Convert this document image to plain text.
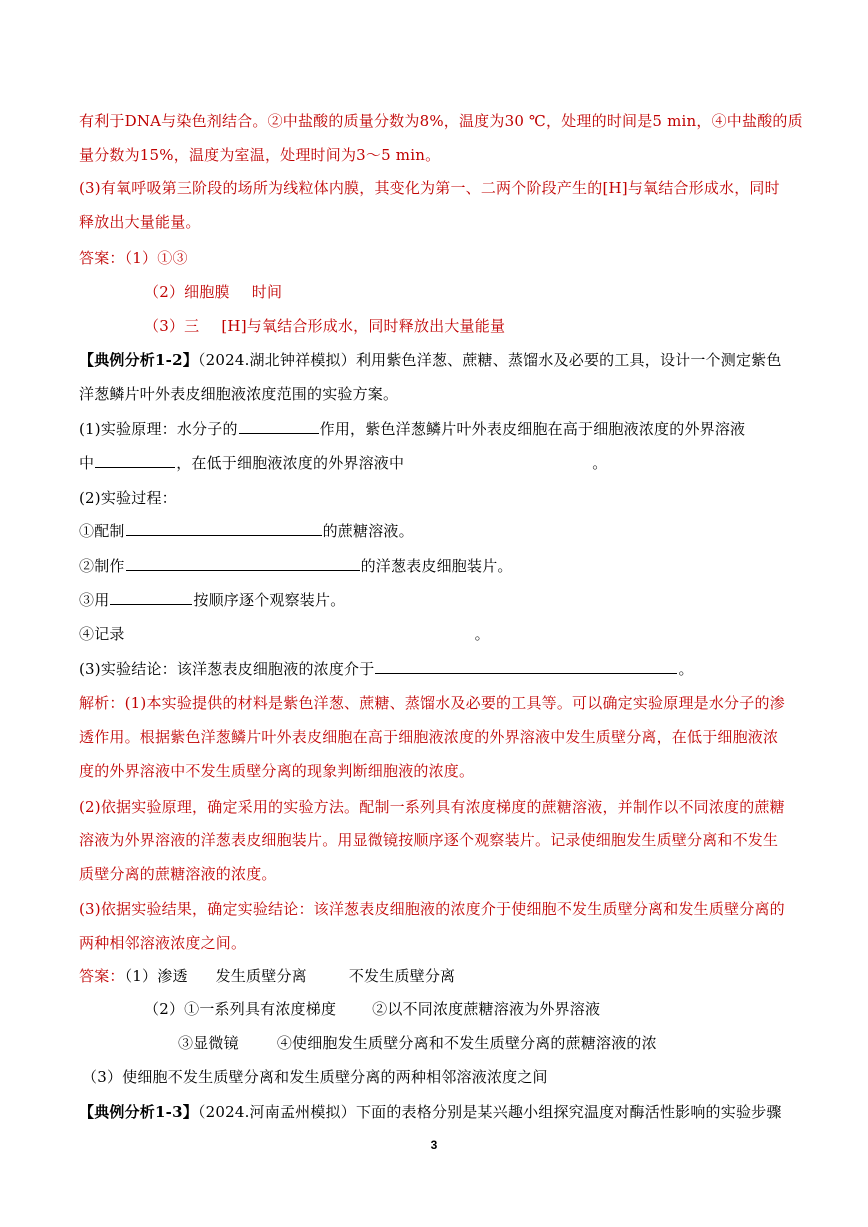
有利于DNA与染色剂结合。②中盐酸的质量分数为8%，温度为30 ℃，处理的时间是5 min，④中盐酸的质
量分数为15%，温度为室温，处理时间为3～5 min。
(3)有氧呼吸第三阶段的场所为线粒体内膜，其变化为第一、二两个阶段产生的[H]与氧结合形成水，同时
释放出大量能量。
答案：（1）①③
（2）细胞膜 时间
（3）三 [H]与氧结合形成水，同时释放出大量能量
【典例分析1-2】（2024.湖北钟祥模拟）利用紫色洋葱、蔗糖、蒸馏水及必要的工具，设计一个测定紫色
洋葱鳞片叶外表皮细胞液浓度范围的实验方案。
(1)实验原理：水分子的	作用，紫色洋葱鳞片叶外表皮细胞在高于细胞液浓度的外界溶液
中	，在低于细胞液浓度的外界溶液中	。
(2)实验过程：
①配制	的蔗糖溶液。
②制作	的洋葱表皮细胞装片。
③用	按顺序逐个观察装片。
④记录	。
(3)实验结论：该洋葱表皮细胞液的浓度介于	。
解析：(1)本实验提供的材料是紫色洋葱、蔗糖、蒸馏水及必要的工具等。可以确定实验原理是水分子的渗
透作用。根据紫色洋葱鳞片叶外表皮细胞在高于细胞液浓度的外界溶液中发生质壁分离，在低于细胞液浓
度的外界溶液中不发生质壁分离的现象判断细胞液的浓度。
(2)依据实验原理，确定采用的实验方法。配制一系列具有浓度梯度的蔗糖溶液，并制作以不同浓度的蔗糖
溶液为外界溶液的洋葱表皮细胞装片。用显微镜按顺序逐个观察装片。记录使细胞发生质壁分离和不发生
质壁分离的蔗糖溶液的浓度。
(3)依据实验结果，确定实验结论：该洋葱表皮细胞液的浓度介于使细胞不发生质壁分离和发生质壁分离的
两种相邻溶液浓度之间。
答案：（1）渗透 发生质壁分离	不发生质壁分离
（2）①一系列具有浓度梯度 ②以不同浓度蔗糖溶液为外界溶液
③显微镜	④使细胞发生质壁分离和不发生质壁分离的蔗糖溶液的浓
（3）使细胞不发生质壁分离和发生质壁分离的两种相邻溶液浓度之间
【典例分析1-3】（2024.河南孟州模拟）下面的表格分别是某兴趣小组探究温度对酶活性影响的实验步骤
3
